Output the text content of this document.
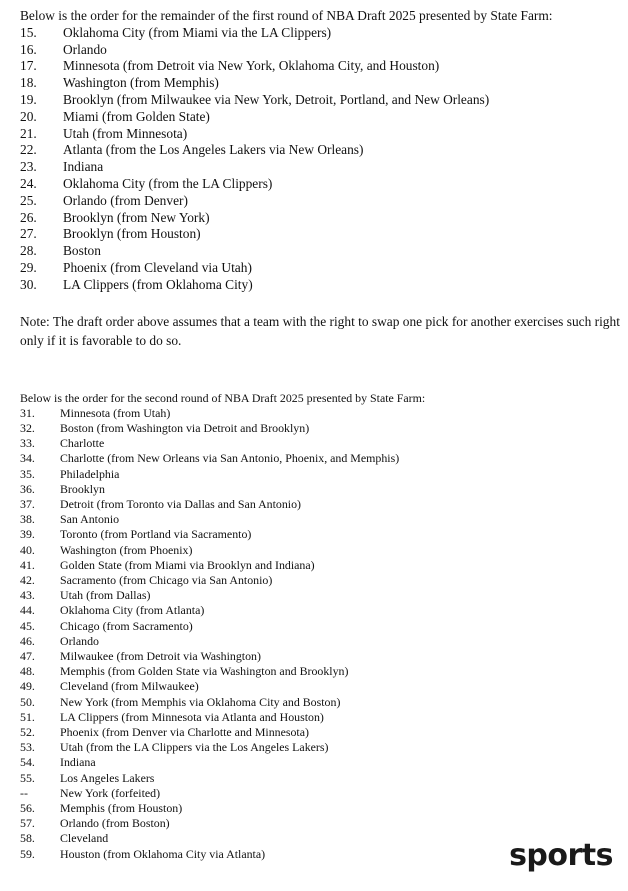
Below is the order for the remainder of the first round of NBA Draft 2025 presented by State Farm:
15.	Oklahoma City (from Miami via the LA Clippers)
16.	Orlando
17.	Minnesota (from Detroit via New York, Oklahoma City, and Houston)
18.	Washington (from Memphis)
19.	Brooklyn (from Milwaukee via New York, Detroit, Portland, and New Orleans)
20.	Miami (from Golden State)
21.	Utah (from Minnesota)
22.	Atlanta (from the Los Angeles Lakers via New Orleans)
23.	Indiana
24.	Oklahoma City (from the LA Clippers)
25.	Orlando (from Denver)
26.	Brooklyn (from New York)
27.	Brooklyn (from Houston)
28.	Boston
29.	Phoenix (from Cleveland via Utah)
30.	LA Clippers (from Oklahoma City)
Note: The draft order above assumes that a team with the right to swap one pick for another exercises such right only if it is favorable to do so.
Below is the order for the second round of NBA Draft 2025 presented by State Farm:
31.	Minnesota (from Utah)
32.	Boston (from Washington via Detroit and Brooklyn)
33.	Charlotte
34.	Charlotte (from New Orleans via San Antonio, Phoenix, and Memphis)
35.	Philadelphia
36.	Brooklyn
37.	Detroit (from Toronto via Dallas and San Antonio)
38.	San Antonio
39.	Toronto (from Portland via Sacramento)
40.	Washington (from Phoenix)
41.	Golden State (from Miami via Brooklyn and Indiana)
42.	Sacramento (from Chicago via San Antonio)
43.	Utah (from Dallas)
44.	Oklahoma City (from Atlanta)
45.	Chicago (from Sacramento)
46.	Orlando
47.	Milwaukee (from Detroit via Washington)
48.	Memphis (from Golden State via Washington and Brooklyn)
49.	Cleveland (from Milwaukee)
50.	New York (from Memphis via Oklahoma City and Boston)
51.	LA Clippers (from Minnesota via Atlanta and Houston)
52.	Phoenix (from Denver via Charlotte and Minnesota)
53.	Utah (from the LA Clippers via the Los Angeles Lakers)
54.	Indiana
55.	Los Angeles Lakers
--	New York (forfeited)
56.	Memphis (from Houston)
57.	Orlando (from Boston)
58.	Cleveland
59.	Houston (from Oklahoma City via Atlanta)	sports
